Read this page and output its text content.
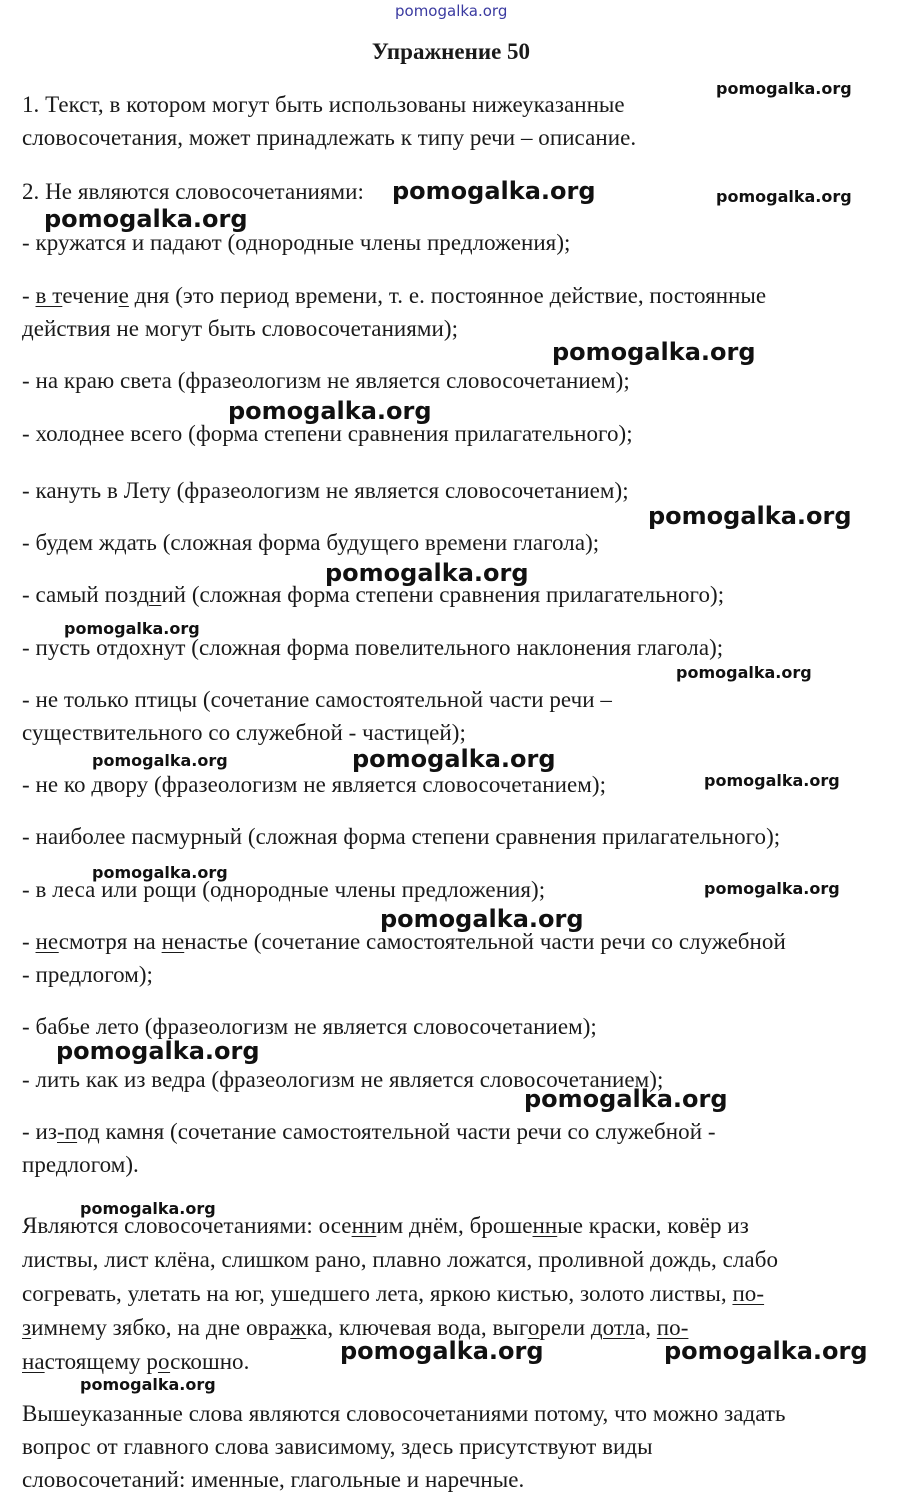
pomogalka.org
Упражнение 50

1. Текст, в котором могут быть использованы нижеуказанные

словосочетания, может принадлежать к типу речи – описание.

2. Не являются словосочетаниями:

- кружатся и падают (однородные члены предложения);

- в течение дня (это период времени, т. е. постоянное действие, постоянные

действия не могут быть словосочетаниями);

- на краю света (фразеологизм не является словосочетанием);

- холоднее всего (форма степени сравнения прилагательного);

- кануть в Лету (фразеологизм не является словосочетанием);

- будем ждать (сложная форма будущего времени глагола);

- самый поздний (сложная форма степени сравнения прилагательного);

- пусть отдохнут (сложная форма повелительного наклонения глагола);

- не только птицы (сочетание самостоятельной части речи –

существительного со служебной - частицей);

- не ко двору (фразеологизм не является словосочетанием);

- наиболее пасмурный (сложная форма степени сравнения прилагательного);

- в леса или рощи (однородные члены предложения);

- несмотря на ненастье (сочетание самостоятельной части речи со служебной

- предлогом);

- бабье лето (фразеологизм не является словосочетанием);

- лить как из ведра (фразеологизм не является словосочетанием);

- из-под камня (сочетание самостоятельной части речи со служебной -

предлогом).

Являются словосочетаниями: осенним днём, брошенные краски, ковёр из

листвы, лист клёна, слишком рано, плавно ложатся, проливной дождь, слабо

согревать, улетать на юг, ушедшего лета, яркою кистью, золото листвы, по-

зимнему зябко, на дне овражка, ключевая вода, выгорели дотла, по-

настоящему роскошно.

Вышеуказанные слова являются словосочетаниями потому, что можно задать

вопрос от главного слова зависимому, здесь присутствуют виды

словосочетаний: именные, глагольные и наречные.

pomogalka.org
pomogalka.org	pomogalka.org
pomogalka.org
pomogalka.org
pomogalka.org
pomogalka.org
pomogalka.org
pomogalka.org
pomogalka.org
pomogalka.org	pomogalka.org
pomogalka.org
pomogalka.org
pomogalka.org
pomogalka.org
pomogalka.org
pomogalka.org
pomogalka.org
pomogalka.org	pomogalka.org
pomogalka.org
